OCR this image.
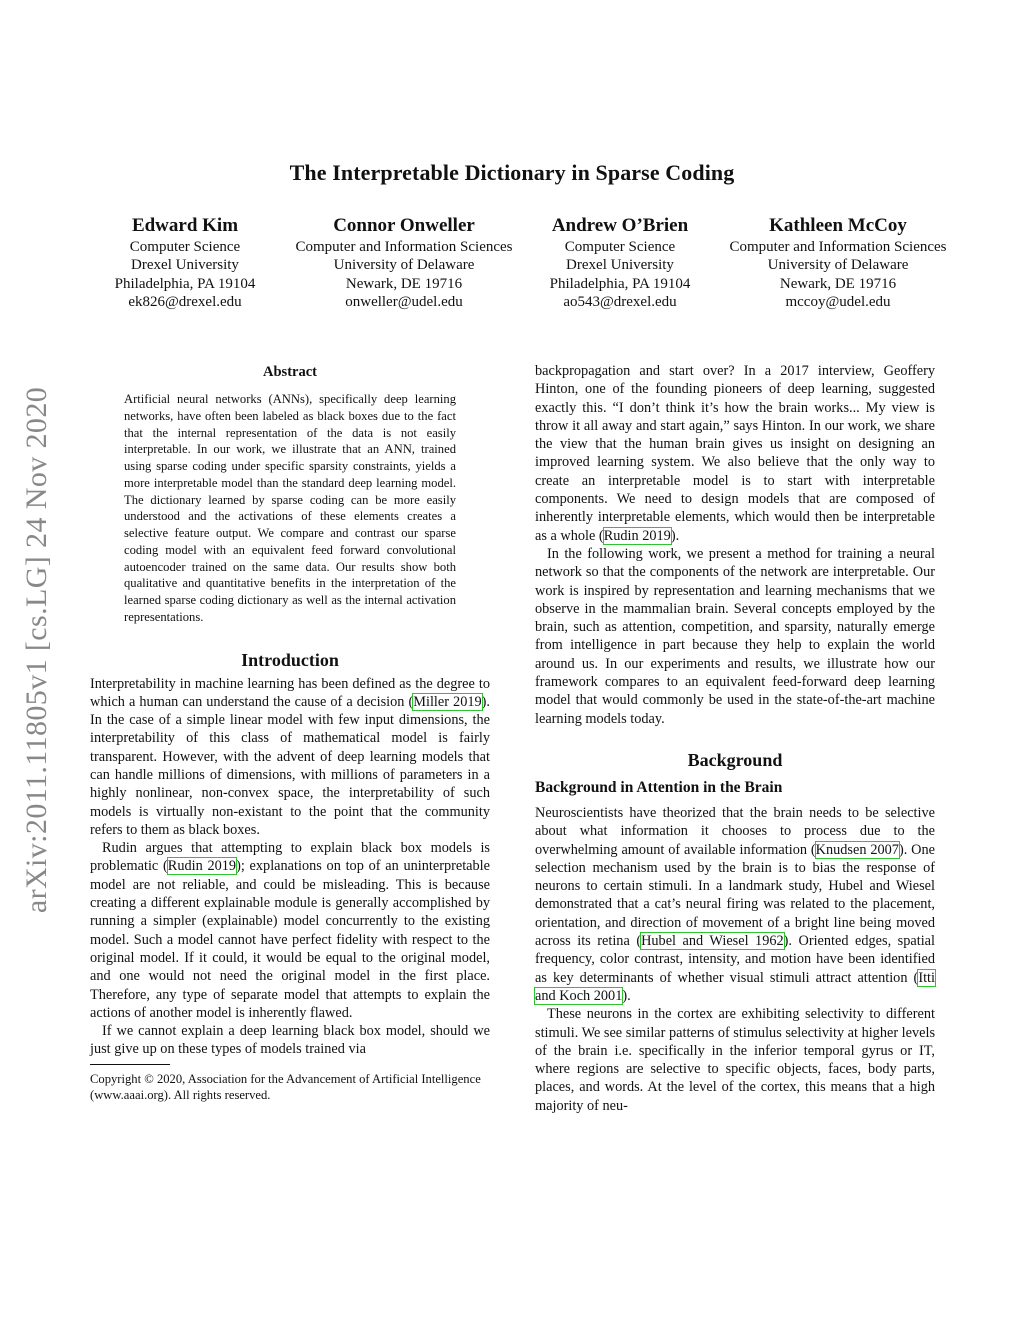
The Interpretable Dictionary in Sparse Coding
Edward Kim
Computer Science
Drexel University
Philadelphia, PA 19104
ek826@drexel.edu
Connor Onweller
Computer and Information Sciences
University of Delaware
Newark, DE 19716
onweller@udel.edu
Andrew O’Brien
Computer Science
Drexel University
Philadelphia, PA 19104
ao543@drexel.edu
Kathleen McCoy
Computer and Information Sciences
University of Delaware
Newark, DE 19716
mccoy@udel.edu
arXiv:2011.11805v1 [cs.LG] 24 Nov 2020
Abstract
Artificial neural networks (ANNs), specifically deep learning networks, have often been labeled as black boxes due to the fact that the internal representation of the data is not easily interpretable. In our work, we illustrate that an ANN, trained using sparse coding under specific sparsity constraints, yields a more interpretable model than the standard deep learning model. The dictionary learned by sparse coding can be more easily understood and the activations of these elements creates a selective feature output. We compare and contrast our sparse coding model with an equivalent feed forward convolutional autoencoder trained on the same data. Our results show both qualitative and quantitative benefits in the interpretation of the learned sparse coding dictionary as well as the internal activation representations.
Introduction

Interpretability in machine learning has been defined as the degree to which a human can understand the cause of a decision (Miller 2019). In the case of a simple linear model with few input dimensions, the interpretability of this class of mathematical model is fairly transparent. However, with the advent of deep learning models that can handle millions of dimensions, with millions of parameters in a highly nonlinear, non-convex space, the interpretability of such models is virtually non-existant to the point that the community refers to them as black boxes.

Rudin argues that attempting to explain black box models is problematic (Rudin 2019); explanations on top of an uninterpretable model are not reliable, and could be misleading. This is because creating a different explainable module is generally accomplished by running a simpler (explainable) model concurrently to the existing model. Such a model cannot have perfect fidelity with respect to the original model. If it could, it would be equal to the original model, and one would not need the original model in the first place. Therefore, any type of separate model that attempts to explain the actions of another model is inherently flawed.

If we cannot explain a deep learning black box model, should we just give up on these types of models trained via

Copyright © 2020, Association for the Advancement of Artificial Intelligence (www.aaai.org). All rights reserved.

backpropagation and start over? In a 2017 interview, Geoffery Hinton, one of the founding pioneers of deep learning, suggested exactly this. “I don’t think it’s how the brain works... My view is throw it all away and start again,” says Hinton. In our work, we share the view that the human brain gives us insight on designing an improved learning system. We also believe that the only way to create an interpretable model is to start with interpretable components. We need to design models that are composed of inherently interpretable elements, which would then be interpretable as a whole (Rudin 2019).

In the following work, we present a method for training a neural network so that the components of the network are interpretable. Our work is inspired by representation and learning mechanisms that we observe in the mammalian brain. Several concepts employed by the brain, such as attention, competition, and sparsity, naturally emerge from intelligence in part because they help to explain the world around us. In our experiments and results, we illustrate how our framework compares to an equivalent feed-forward deep learning model that would commonly be used in the state-of-the-art machine learning models today.

Background
Background in Attention in the Brain

Neuroscientists have theorized that the brain needs to be selective about what information it chooses to process due to the overwhelming amount of available information (Knudsen 2007). One selection mechanism used by the brain is to bias the response of neurons to certain stimuli. In a landmark study, Hubel and Wiesel demonstrated that a cat’s neural firing was related to the placement, orientation, and direction of movement of a bright line being moved across its retina (Hubel and Wiesel 1962). Oriented edges, spatial frequency, color contrast, intensity, and motion have been identified as key determinants of whether visual stimuli attract attention (Itti and Koch 2001).

These neurons in the cortex are exhibiting selectivity to different stimuli. We see similar patterns of stimulus selectivity at higher levels of the brain i.e. specifically in the inferior temporal gyrus or IT, where regions are selective to specific objects, faces, body parts, places, and words. At the level of the cortex, this means that a high majority of neu-
